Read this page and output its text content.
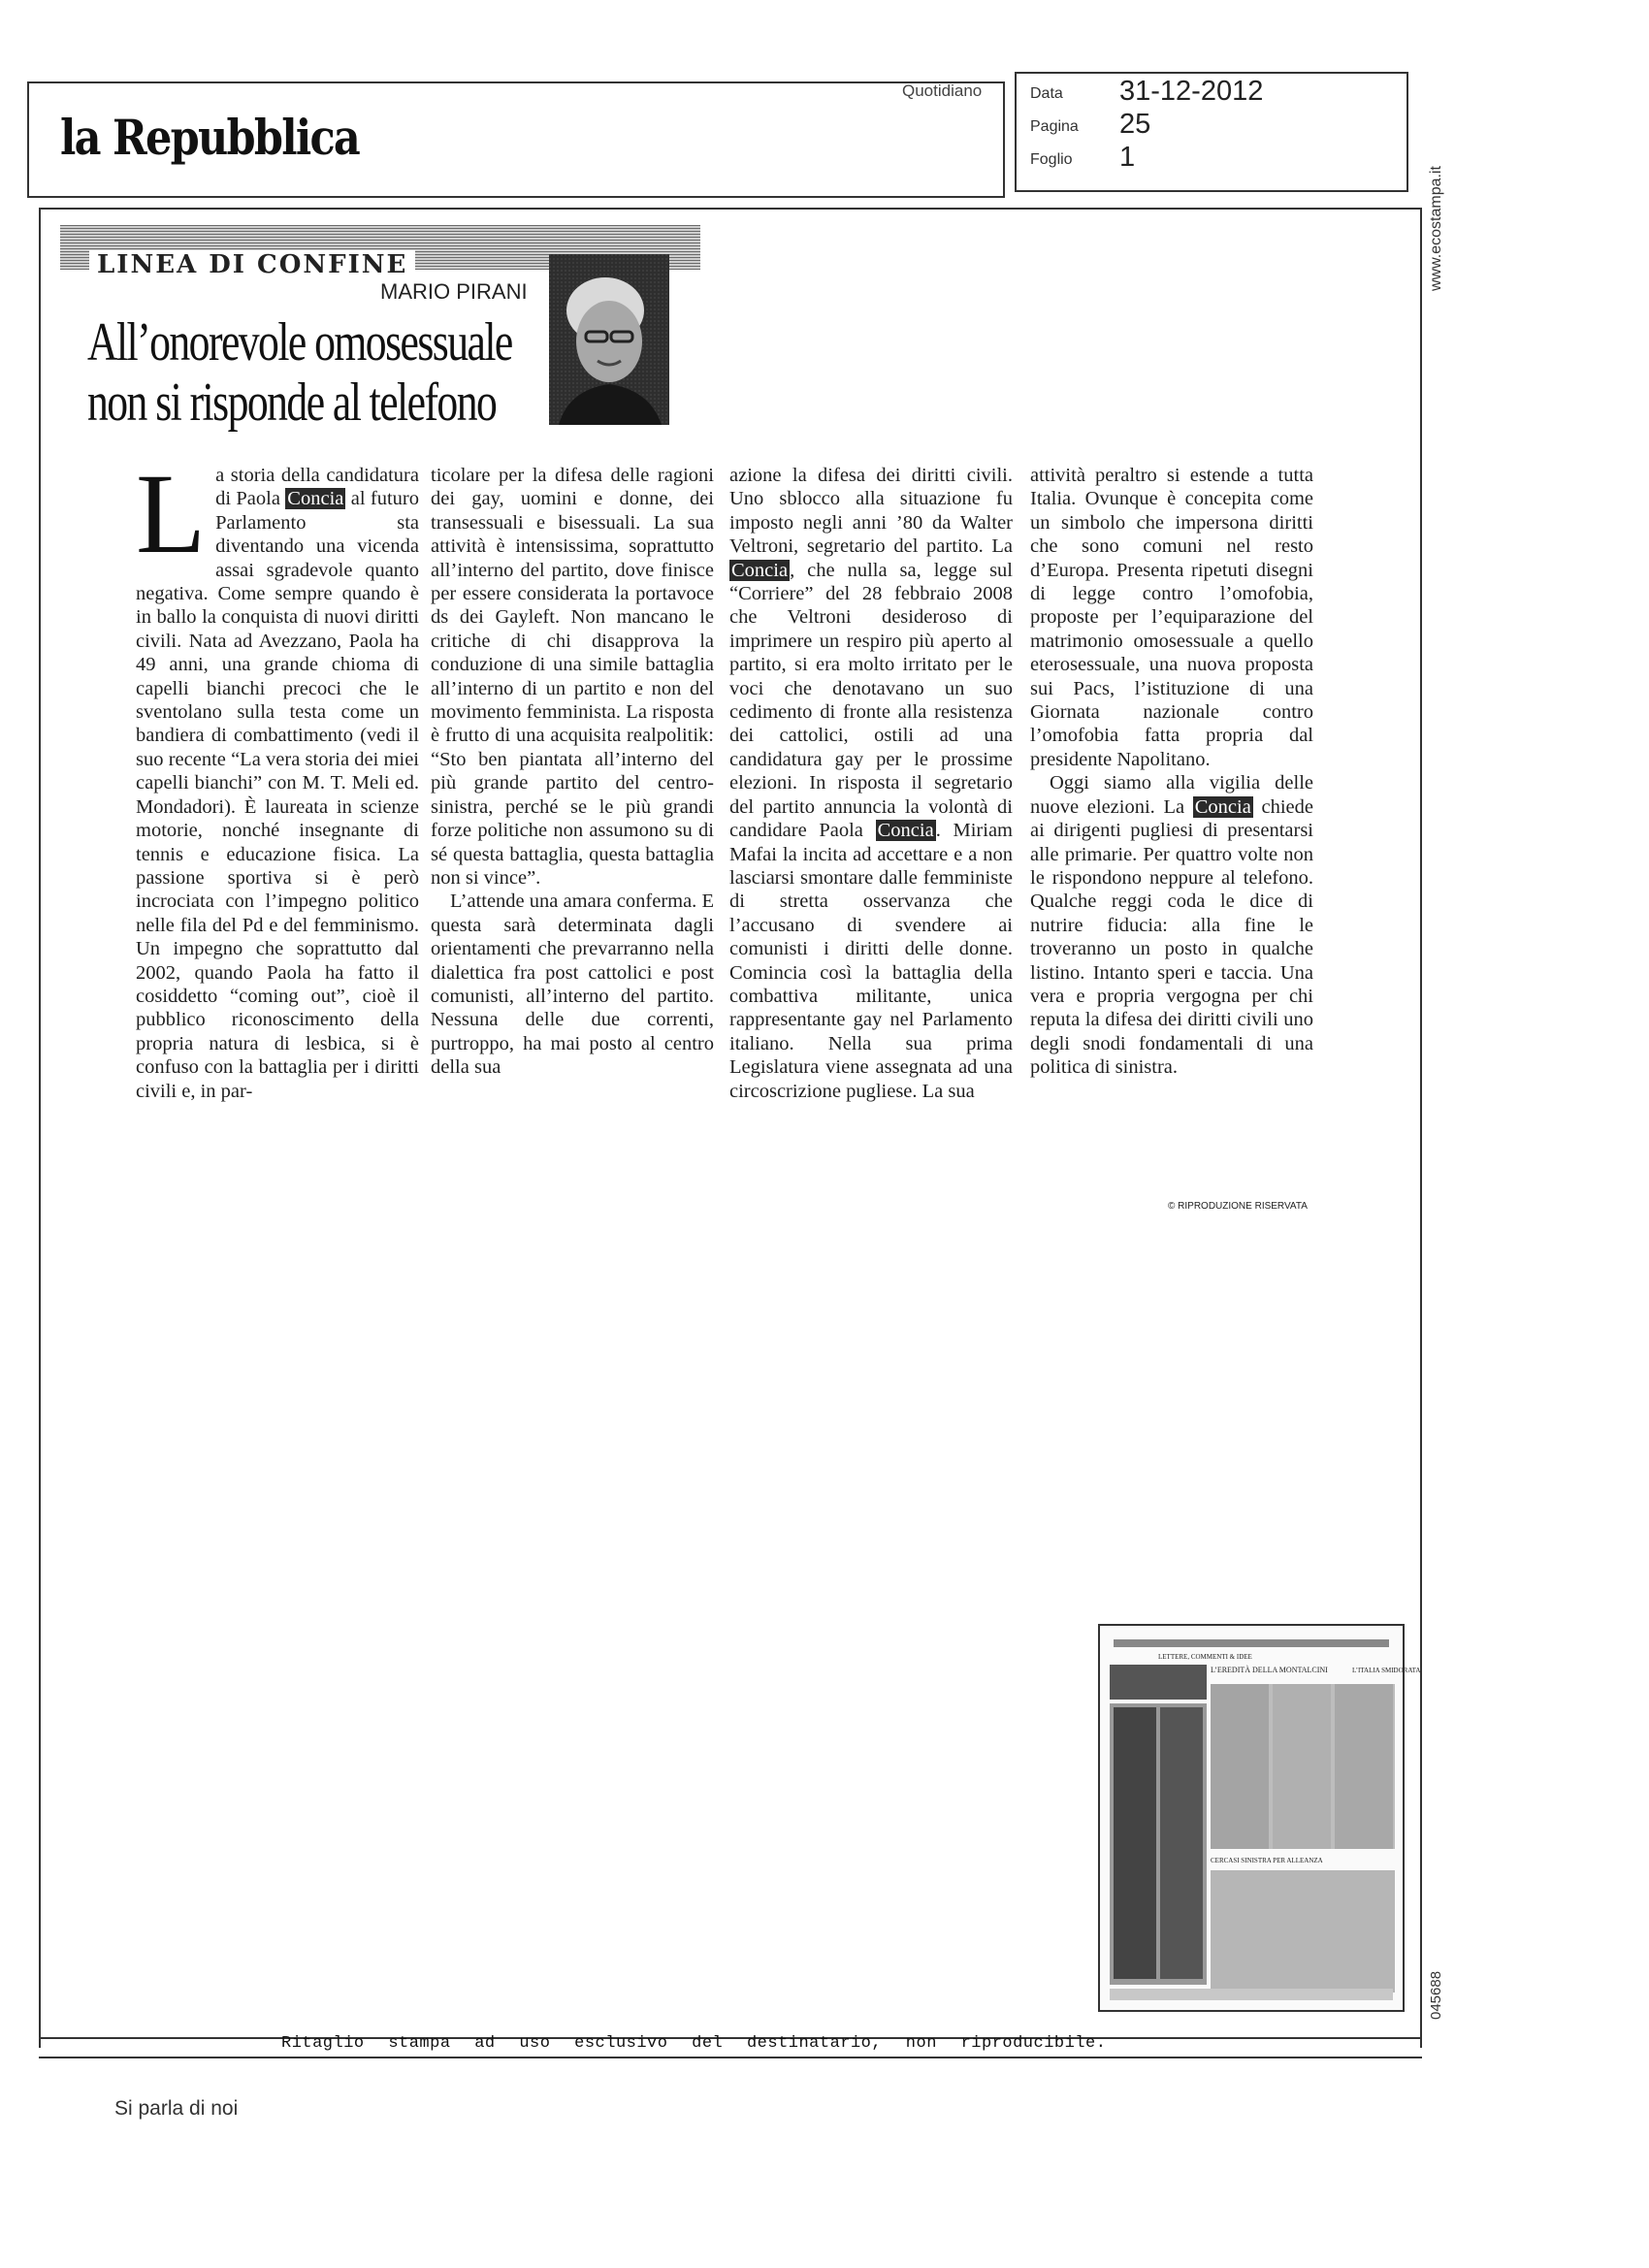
la Repubblica
Quotidiano	Data 31-12-2012
Pagina 25
Foglio 1
Ritaglio stampa ad uso esclusivo del destinatario, non riproducibile.
www.ecostampa.it
045688
LINEA DI CONFINE
MARIO PIRANI
All’onorevole omosessuale
non si risponde al telefono

La storia della candidatura di Paola Concia al futuro Parlamento sta diventando una vicenda assai sgradevole quanto negativa. Come sempre quando è in ballo la conquista di nuovi diritti civili. Nata ad Avezzano, Paola ha 49 anni, una grande chioma di capelli bianchi precoci che le sventolano sulla testa come un bandiera di combattimento (vedi il suo recente “La vera storia dei miei capelli bianchi” con M. T. Meli ed. Mondadori). È laureata in scienze motorie, nonché insegnante di tennis e educazione fisica. La passione sportiva si è però incrociata con l’impegno politico nelle fila del Pd e del femminismo. Un impegno che soprattutto dal 2002, quando Paola ha fatto il cosiddetto “coming out”, cioè il pubblico riconoscimento della propria natura di lesbica, si è confuso con la battaglia per i diritti civili e, in par-

ticolare per la difesa delle ragioni dei gay, uomini e donne, dei transessuali e bisessuali. La sua attività è intensissima, soprattutto all’interno del partito, dove finisce per essere considerata la portavoce ds dei Gayleft. Non mancano le critiche di chi disapprova la conduzione di una simile battaglia all’interno di un partito e non del movimento femminista. La risposta è frutto di una acquisita realpolitik: “Sto ben piantata all’interno del più grande partito del centro-sinistra, perché se le più grandi forze politiche non assumono su di sé questa battaglia, questa battaglia non si vince”.

L’attende una amara conferma. E questa sarà determinata dagli orientamenti che prevarranno nella dialettica fra post cattolici e post comunisti, all’interno del partito. Nessuna delle due correnti, purtroppo, ha mai posto al centro della sua

azione la difesa dei diritti civili. Uno sblocco alla situazione fu imposto negli anni ’80 da Walter Veltroni, segretario del partito. La Concia, che nulla sa, legge sul “Corriere” del 28 febbraio 2008 che Veltroni desideroso di imprimere un respiro più aperto al partito, si era molto irritato per le voci che denotavano un suo cedimento di fronte alla resistenza dei cattolici, ostili ad una candidatura gay per le prossime elezioni. In risposta il segretario del partito annuncia la volontà di candidare Paola Concia. Miriam Mafai la incita ad accettare e a non lasciarsi smontare dalle femministe di stretta osservanza che l’accusano di svendere ai comunisti i diritti delle donne. Comincia così la battaglia della combattiva militante, unica rappresentante gay nel Parlamento italiano. Nella sua prima Legislatura viene assegnata ad una circoscrizione pugliese. La sua

attività peraltro si estende a tutta Italia. Ovunque è concepita come un simbolo che impersona diritti che sono comuni nel resto d’Europa. Presenta ripetuti disegni di legge contro l’omofobia, proposte per l’equiparazione del matrimonio omosessuale a quello eterosessuale, una nuova proposta sui Pacs, l’istituzione di una Giornata nazionale contro l’omofobia fatta propria dal presidente Napolitano.

Oggi siamo alla vigilia delle nuove elezioni. La Concia chiede ai dirigenti pugliesi di presentarsi alle primarie. Per quattro volte non le rispondono neppure al telefono. Qualche reggi coda le dice di nutrire fiducia: alla fine le troveranno un posto in qualche listino. Intanto speri e taccia. Una vera e propria vergogna per chi reputa la difesa dei diritti civili uno degli snodi fondamentali di una politica di sinistra.

© RIPRODUZIONE RISERVATA
LETTERE, COMMENTI & IDEE
L’EREDITÀ DELLA MONTALCINI	L’ITALIA SMIDORATA
CERCASI SINISTRA PER ALLEANZA
Si parla di noi
